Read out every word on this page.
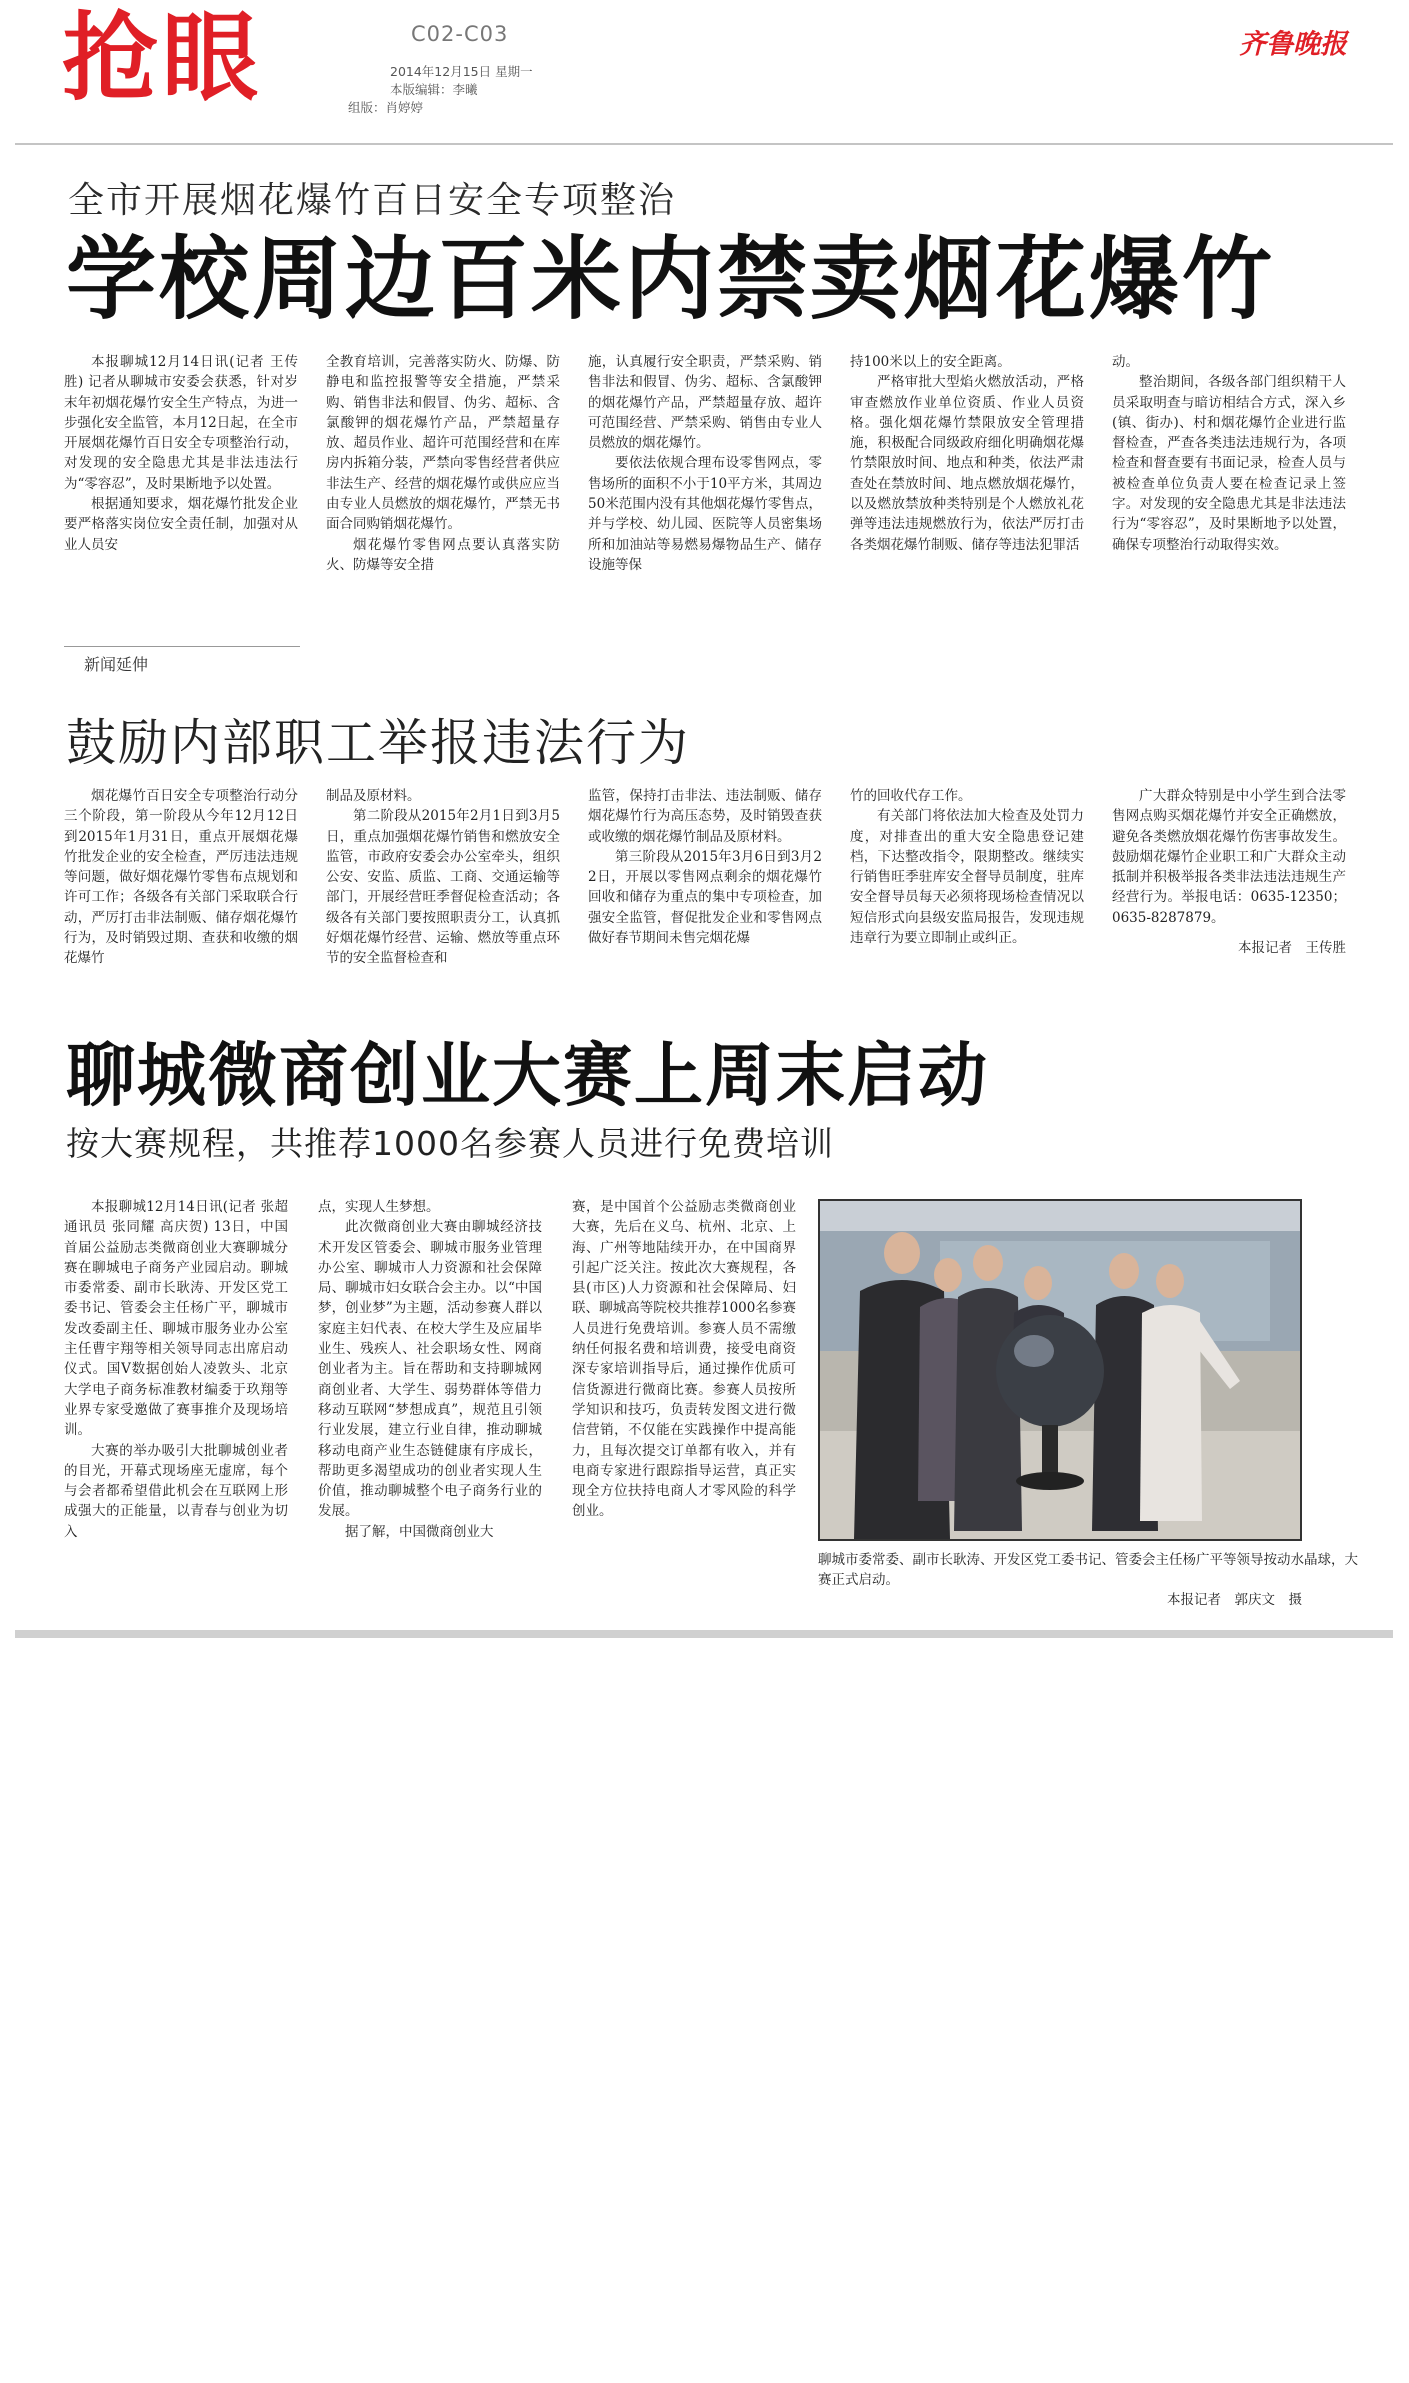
抢眼	C02-C03
2014年12月15日 星期一
本版编辑：李曦
组版：肖婷婷
齐鲁晚报
全市开展烟花爆竹百日安全专项整治
学校周边百米内禁卖烟花爆竹

本报聊城12月14日讯(记者 王传胜) 记者从聊城市安委会获悉，针对岁末年初烟花爆竹安全生产特点，为进一步强化安全监管，本月12日起，在全市开展烟花爆竹百日安全专项整治行动，对发现的安全隐患尤其是非法违法行为“零容忍”，及时果断地予以处置。

根据通知要求，烟花爆竹批发企业要严格落实岗位安全责任制，加强对从业人员安

全教育培训，完善落实防火、防爆、防静电和监控报警等安全措施，严禁采购、销售非法和假冒、伪劣、超标、含氯酸钾的烟花爆竹产品，严禁超量存放、超员作业、超许可范围经营和在库房内拆箱分装，严禁向零售经营者供应非法生产、经营的烟花爆竹或供应应当由专业人员燃放的烟花爆竹，严禁无书面合同购销烟花爆竹。

烟花爆竹零售网点要认真落实防火、防爆等安全措

施，认真履行安全职责，严禁采购、销售非法和假冒、伪劣、超标、含氯酸钾的烟花爆竹产品，严禁超量存放、超许可范围经营、严禁采购、销售由专业人员燃放的烟花爆竹。

要依法依规合理布设零售网点，零售场所的面积不小于10平方米，其周边50米范围内没有其他烟花爆竹零售点，并与学校、幼儿园、医院等人员密集场所和加油站等易燃易爆物品生产、储存设施等保

持100米以上的安全距离。

严格审批大型焰火燃放活动，严格审查燃放作业单位资质、作业人员资格。强化烟花爆竹禁限放安全管理措施，积极配合同级政府细化明确烟花爆竹禁限放时间、地点和种类，依法严肃查处在禁放时间、地点燃放烟花爆竹，以及燃放禁放种类特别是个人燃放礼花弹等违法违规燃放行为，依法严厉打击各类烟花爆竹制贩、储存等违法犯罪活

动。

整治期间，各级各部门组织精干人员采取明查与暗访相结合方式，深入乡(镇、街办)、村和烟花爆竹企业进行监督检查，严查各类违法违规行为，各项检查和督查要有书面记录，检查人员与被检查单位负责人要在检查记录上签字。对发现的安全隐患尤其是非法违法行为“零容忍”，及时果断地予以处置，确保专项整治行动取得实效。

新闻延伸
鼓励内部职工举报违法行为

烟花爆竹百日安全专项整治行动分三个阶段，第一阶段从今年12月12日到2015年1月31日，重点开展烟花爆竹批发企业的安全检查，严厉违法违规等问题，做好烟花爆竹零售布点规划和许可工作；各级各有关部门采取联合行动，严厉打击非法制贩、储存烟花爆竹行为，及时销毁过期、查获和收缴的烟花爆竹

制品及原材料。

第二阶段从2015年2月1日到3月5日，重点加强烟花爆竹销售和燃放安全监管，市政府安委会办公室牵头，组织公安、安监、质监、工商、交通运输等部门，开展经营旺季督促检查活动；各级各有关部门要按照职责分工，认真抓好烟花爆竹经营、运输、燃放等重点环节的安全监督检查和

监管，保持打击非法、违法制贩、储存烟花爆竹行为高压态势，及时销毁查获或收缴的烟花爆竹制品及原材料。

第三阶段从2015年3月6日到3月22日，开展以零售网点剩余的烟花爆竹回收和储存为重点的集中专项检查，加强安全监管，督促批发企业和零售网点做好春节期间未售完烟花爆

竹的回收代存工作。

有关部门将依法加大检查及处罚力度，对排查出的重大安全隐患登记建档，下达整改指令，限期整改。继续实行销售旺季驻库安全督导员制度，驻库安全督导员每天必须将现场检查情况以短信形式向县级安监局报告，发现违规违章行为要立即制止或纠正。

广大群众特别是中小学生到合法零售网点购买烟花爆竹并安全正确燃放，避免各类燃放烟花爆竹伤害事故发生。鼓励烟花爆竹企业职工和广大群众主动抵制并积极举报各类非法违法违规生产经营行为。举报电话：0635-12350；0635-8287879。

本报记者　王传胜

聊城微商创业大赛上周末启动
按大赛规程，共推荐1000名参赛人员进行免费培训

本报聊城12月14日讯(记者 张超 通讯员 张同耀 高庆贺) 13日，中国首届公益励志类微商创业大赛聊城分赛在聊城电子商务产业园启动。聊城市委常委、副市长耿涛、开发区党工委书记、管委会主任杨广平，聊城市发改委副主任、聊城市服务业办公室主任曹宇翔等相关领导同志出席启动仪式。国V数据创始人凌敦头、北京大学电子商务标准教材编委于玖翔等业界专家受邀做了赛事推介及现场培训。

大赛的举办吸引大批聊城创业者的目光，开幕式现场座无虚席，每个与会者都希望借此机会在互联网上形成强大的正能量，以青春与创业为切入

点，实现人生梦想。

此次微商创业大赛由聊城经济技术开发区管委会、聊城市服务业管理办公室、聊城市人力资源和社会保障局、聊城市妇女联合会主办。以“中国梦，创业梦”为主题，活动参赛人群以家庭主妇代表、在校大学生及应届毕业生、残疾人、社会职场女性、网商创业者为主。旨在帮助和支持聊城网商创业者、大学生、弱势群体等借力移动互联网“梦想成真”，规范且引领行业发展，建立行业自律，推动聊城移动电商产业生态链健康有序成长，帮助更多渴望成功的创业者实现人生价值，推动聊城整个电子商务行业的发展。

据了解，中国微商创业大

赛，是中国首个公益励志类微商创业大赛，先后在义乌、杭州、北京、上海、广州等地陆续开办，在中国商界引起广泛关注。按此次大赛规程，各县(市区)人力资源和社会保障局、妇联、聊城高等院校共推荐1000名参赛人员进行免费培训。参赛人员不需缴纳任何报名费和培训费，接受电商资深专家培训指导后，通过操作优质可信货源进行微商比赛。参赛人员按所学知识和技巧，负责转发图文进行微信营销，不仅能在实践操作中提高能力，且每次提交订单都有收入，并有电商专家进行跟踪指导运营，真正实现全方位扶持电商人才零风险的科学创业。

聊城市委常委、副市长耿涛、开发区党工委书记、管委会主任杨广平等领导按动水晶球，大赛正式启动。
本报记者　郭庆文　摄
